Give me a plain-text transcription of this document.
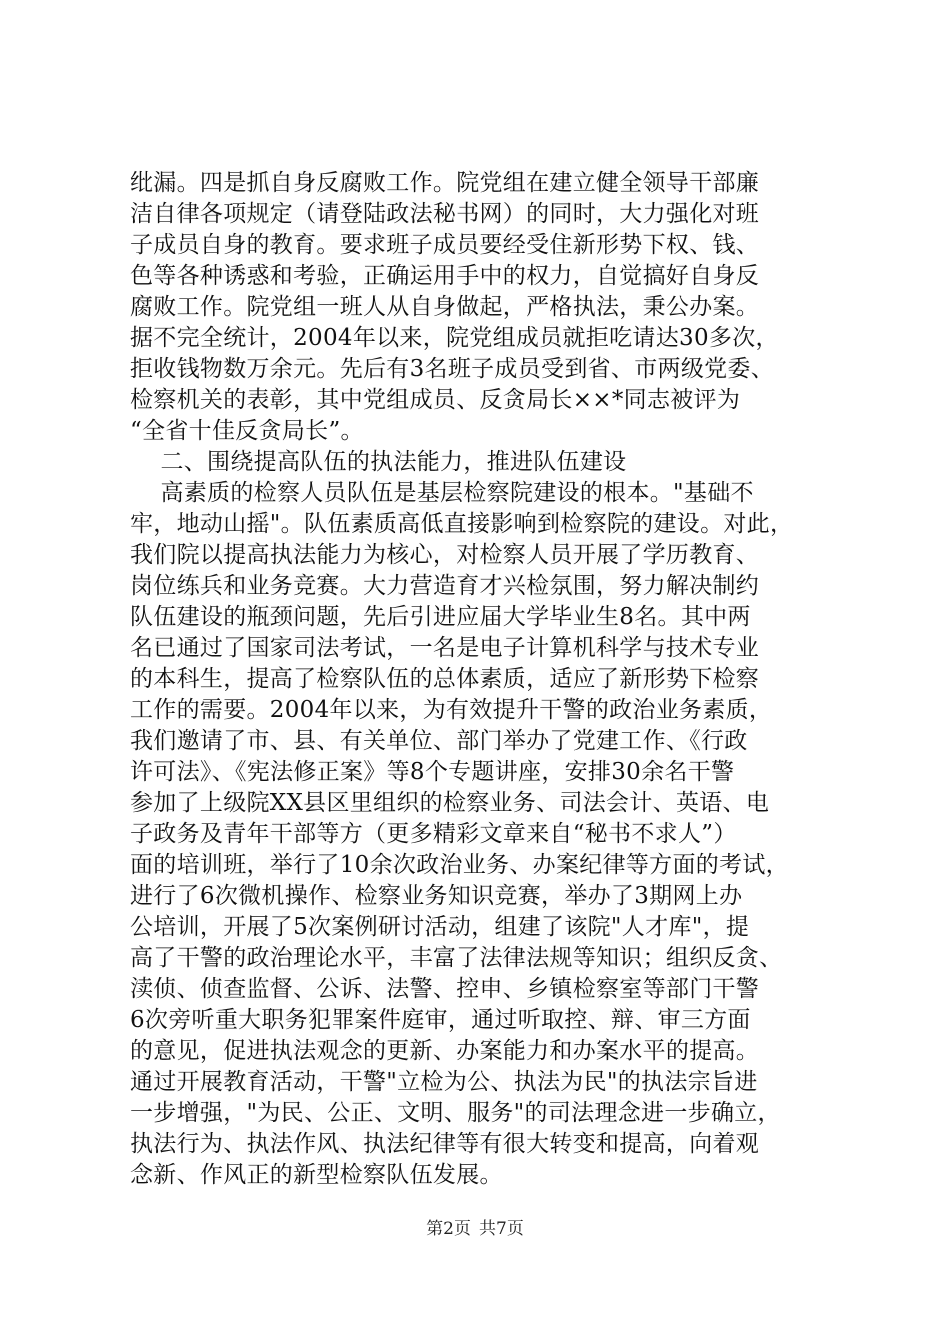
纰漏。四是抓自身反腐败工作。院党组在建立健全领导干部廉
洁自律各项规定（请登陆政法秘书网）的同时，大力强化对班
子成员自身的教育。要求班子成员要经受住新形势下权、钱、
色等各种诱惑和考验，正确运用手中的权力，自觉搞好自身反
腐败工作。院党组一班人从自身做起，严格执法，秉公办案。
据不完全统计，2004年以来，院党组成员就拒吃请达30多次，
拒收钱物数万余元。先后有3名班子成员受到省、市两级党委、
检察机关的表彰，其中党组成员、反贪局长××*同志被评为
“全省十佳反贪局长”。
二、围绕提高队伍的执法能力，推进队伍建设
高素质的检察人员队伍是基层检察院建设的根本。"基础不
牢，地动山摇"。队伍素质高低直接影响到检察院的建设。对此，
我们院以提高执法能力为核心，对检察人员开展了学历教育、
岗位练兵和业务竞赛。大力营造育才兴检氛围，努力解决制约
队伍建设的瓶颈问题，先后引进应届大学毕业生8名。其中两
名已通过了国家司法考试，一名是电子计算机科学与技术专业
的本科生，提高了检察队伍的总体素质，适应了新形势下检察
工作的需要。2004年以来，为有效提升干警的政治业务素质，
我们邀请了市、县、有关单位、部门举办了党建工作、《行政
许可法》、《宪法修正案》等8个专题讲座，安排30余名干警
参加了上级院XX县区里组织的检察业务、司法会计、英语、电
子政务及青年干部等方（更多精彩文章来自“秘书不求人”）
面的培训班，举行了10余次政治业务、办案纪律等方面的考试，
进行了6次微机操作、检察业务知识竞赛，举办了3期网上办
公培训，开展了5次案例研讨活动，组建了该院"人才库"，提
高了干警的政治理论水平，丰富了法律法规等知识；组织反贪、
渎侦、侦查监督、公诉、法警、控申、乡镇检察室等部门干警
6次旁听重大职务犯罪案件庭审，通过听取控、辩、审三方面
的意见，促进执法观念的更新、办案能力和办案水平的提高。
通过开展教育活动，干警"立检为公、执法为民"的执法宗旨进
一步增强，"为民、公正、文明、服务"的司法理念进一步确立，
执法行为、执法作风、执法纪律等有很大转变和提高，向着观
念新、作风正的新型检察队伍发展。
第2页 共7页
